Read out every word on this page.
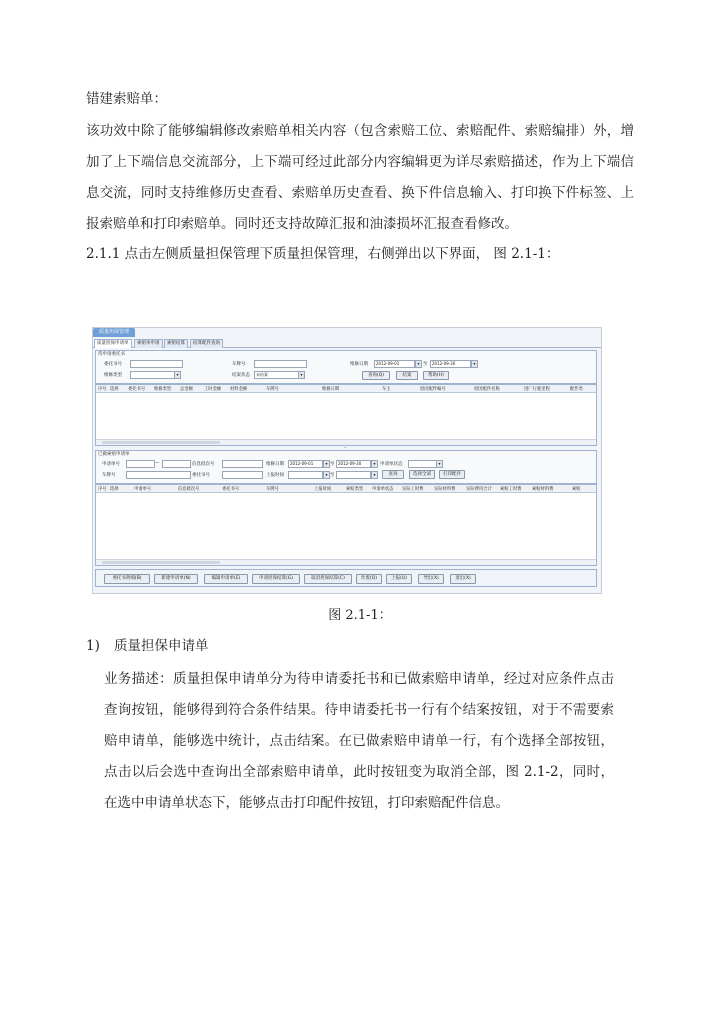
错建索赔单：

该功效中除了能够编辑修改索赔单相关内容（包含索赔工位、索赔配件、索赔编排）外，增加了上下端信息交流部分，上下端可经过此部分内容编辑更为详尽索赔描述，作为上下端信息交流，同时支持维修历史查看、索赔单历史查看、换下件信息输入、打印换下件标签、上报索赔单和打印索赔单。同时还支持故障汇报和油漆损坏汇报查看修改。

2.1.1 点击左侧质量担保管理下质量担保管理，右侧弹出以下界面， 图 2.1-1：

质量担保管理
质量担保申请单	索赔单申请	索赔结算	结算配件查询
待申请委托书
委托书号	车牌号	维修日期	2012-09-01	▾ 至	2012-09-30	▾
维修类型	▾	结案状态	未结案	▾	查询(Q)	结案	帮助(H)
序号 选择 委托书号 维修类型 总金额	工时金额 材料金额	车牌号	维修日期	车主	原因配件编号	原因配件名称	进厂行驶里程	配件类
⌄
已做索赔申请单
申请单号	—	信息批次号	维修日期	2012-09-01	▾ 至 2012-09-30	▾	申请单状态	▾
车牌号	委托书号	上报时间	▾ 至	▾	查询	选择全部	打印配件
序号 选择	申请单号	信息批次号	委托书号	车牌号	上报时间	索赔类型 申请单状态 实际工时费 实际材料费 实际费用合计 索赔工时费 索赔材料费	索赔
委托书明细(B)	新建申请单(N)	编辑申请单(E)	申请担保结算(G)	取消担保结算(C)	作废(O)	上报(U)	导出(X)	退出(X)
图 2.1-1：
1) 质量担保申请单

业务描述：质量担保申请单分为待申请委托书和已做索赔申请单，经过对应条件点击查询按钮，能够得到符合条件结果。待申请委托书一行有个结案按钮，对于不需要索赔申请单，能够选中统计，点击结案。在已做索赔申请单一行，有个选择全部按钮，点击以后会选中查询出全部索赔申请单，此时按钮变为取消全部，图 2.1-2，同时，在选中申请单状态下，能够点击打印配件按钮，打印索赔配件信息。
